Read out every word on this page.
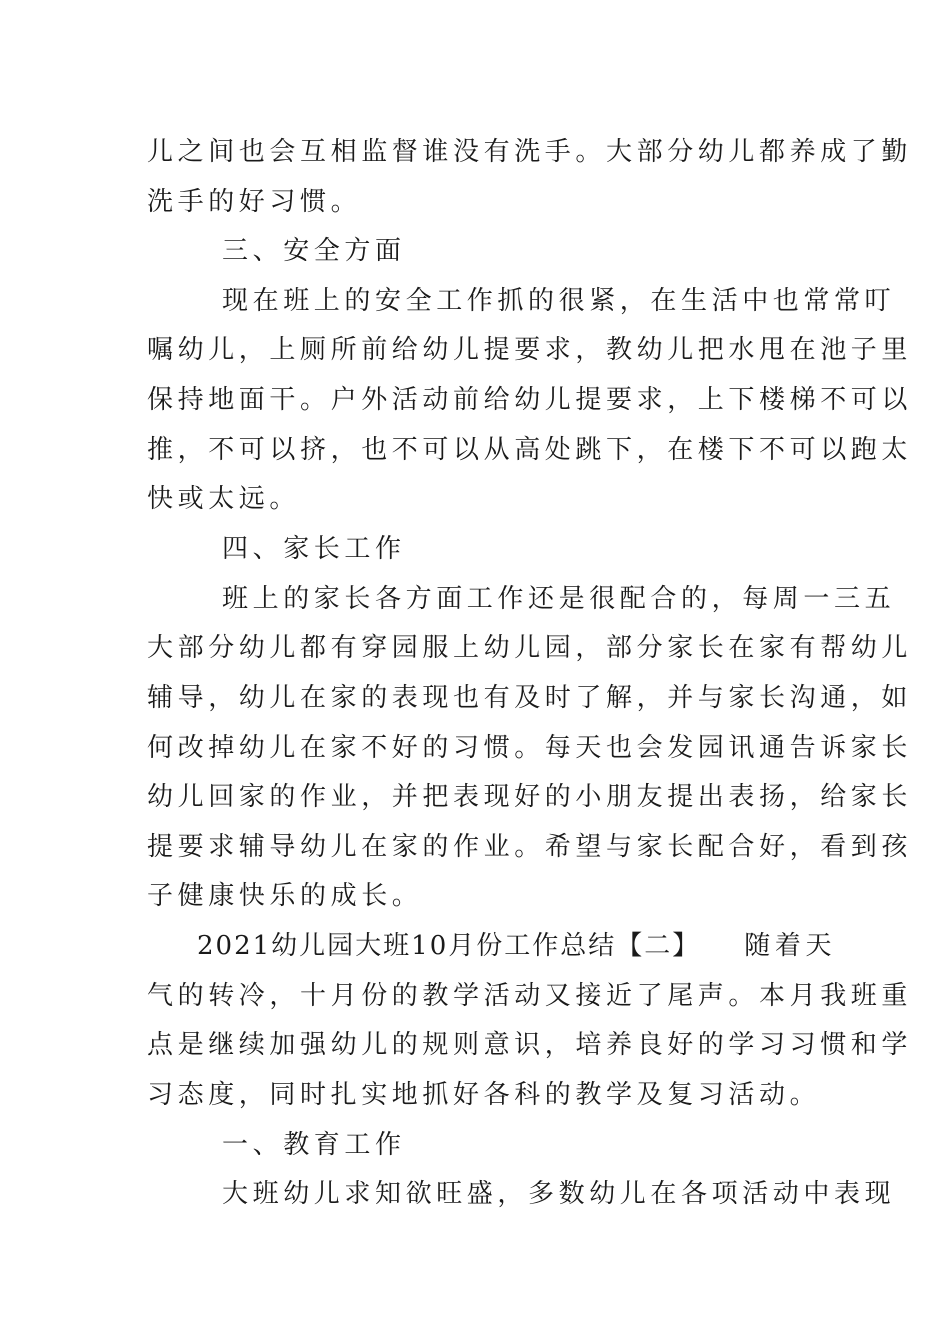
儿之间也会互相监督谁没有洗手。大部分幼儿都养成了勤
洗手的好习惯。
三、安全方面
现在班上的安全工作抓的很紧，在生活中也常常叮
嘱幼儿，上厕所前给幼儿提要求，教幼儿把水甩在池子里
保持地面干。户外活动前给幼儿提要求，上下楼梯不可以
推，不可以挤，也不可以从高处跳下，在楼下不可以跑太
快或太远。
四、家长工作
班上的家长各方面工作还是很配合的，每周一三五
大部分幼儿都有穿园服上幼儿园，部分家长在家有帮幼儿
辅导，幼儿在家的表现也有及时了解，并与家长沟通，如
何改掉幼儿在家不好的习惯。每天也会发园讯通告诉家长
幼儿回家的作业，并把表现好的小朋友提出表扬，给家长
提要求辅导幼儿在家的作业。希望与家长配合好，看到孩
子健康快乐的成长。
2021幼儿园大班10月份工作总结【二】 随着天
气的转冷，十月份的教学活动又接近了尾声。本月我班重
点是继续加强幼儿的规则意识，培养良好的学习习惯和学
习态度，同时扎实地抓好各科的教学及复习活动。
一、教育工作
大班幼儿求知欲旺盛，多数幼儿在各项活动中表现
